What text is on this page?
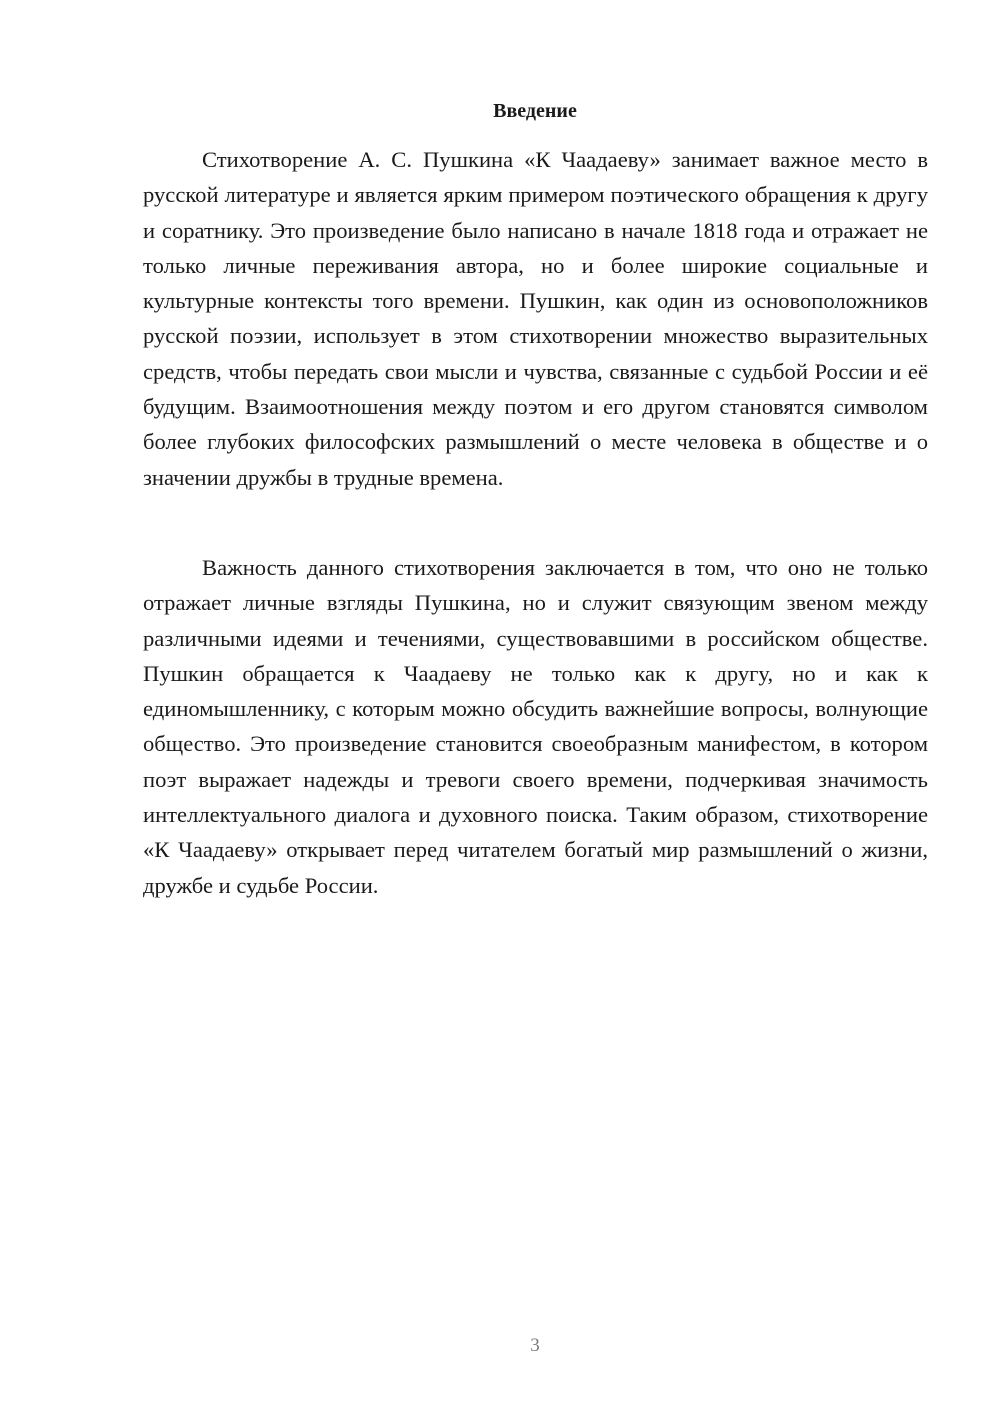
Введение

Стихотворение А. С. Пушкина «К Чаадаеву» занимает важное место в русской литературе и является ярким примером поэтического обращения к другу и соратнику. Это произведение было написано в начале 1818 года и отражает не только личные переживания автора, но и более широкие социальные и культурные контексты того времени. Пушкин, как один из основоположников русской поэзии, использует в этом стихотворении множество выразительных средств, чтобы передать свои мысли и чувства, связанные с судьбой России и её будущим. Взаимоотношения между поэтом и его другом становятся символом более глубоких философских размышлений о месте человека в обществе и о значении дружбы в трудные времена.

Важность данного стихотворения заключается в том, что оно не только отражает личные взгляды Пушкина, но и служит связующим звеном между различными идеями и течениями, существовавшими в российском обществе. Пушкин обращается к Чаадаеву не только как к другу, но и как к единомышленнику, с которым можно обсудить важнейшие вопросы, волнующие общество. Это произведение становится своеобразным манифестом, в котором поэт выражает надежды и тревоги своего времени, подчеркивая значимость интеллектуального диалога и духовного поиска. Таким образом, стихотворение «К Чаадаеву» открывает перед читателем богатый мир размышлений о жизни, дружбе и судьбе России.

3
